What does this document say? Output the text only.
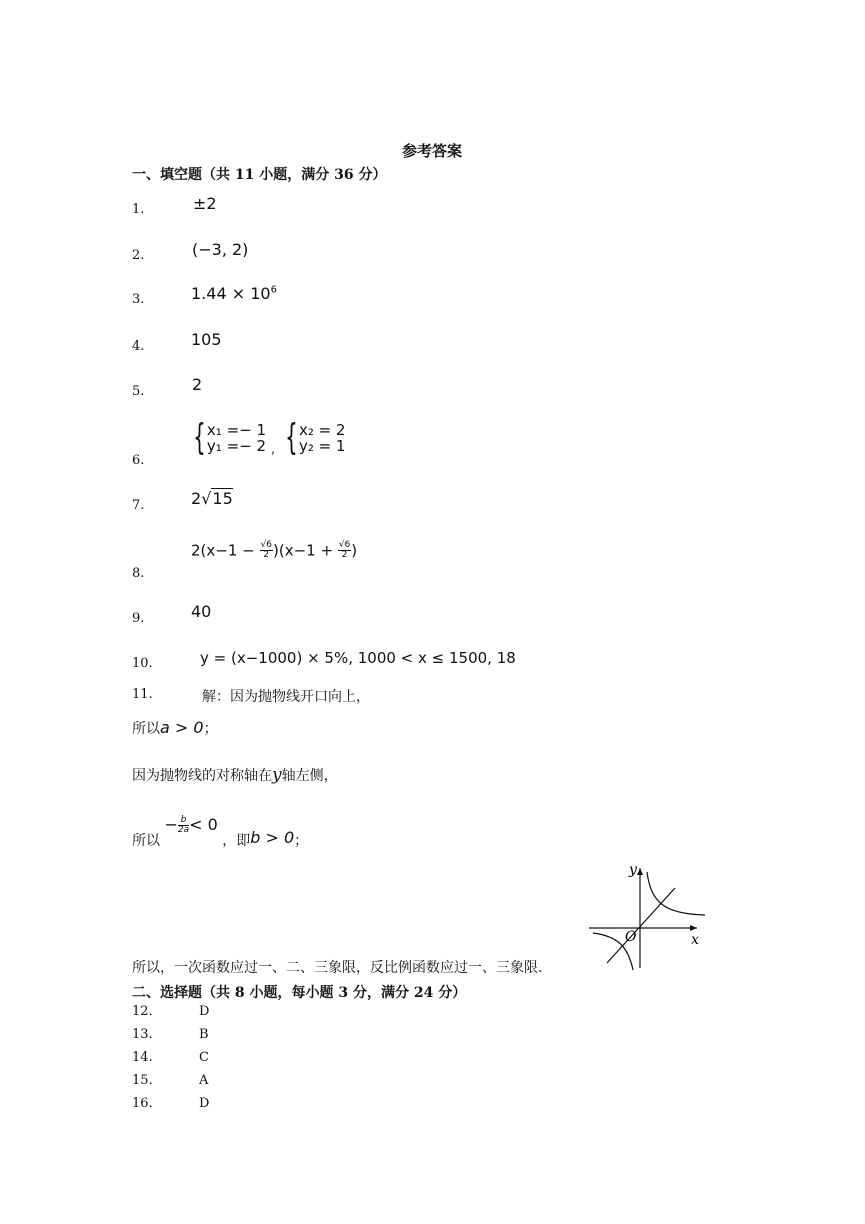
参考答案
一、填空题（共 11 小题，满分 36 分）
1.	±2
2.	(−3, 2)
3.	$1.44 \times 10^6$
4.	105
5.	2
6.
{ x₁ =− 1
y₁ =− 2 , { x₂ = 2
y₂ = 1
7.	2√15
8.
$2(x-1 - \frac{√6}{2} )(x-1 + \frac{√6}{2}$ )
9.	40
10.	y = (x−1000) × 5%, 1000 < x ≤ 1500, 18
11.	解：因为抛物线开口向上，
所以a > 0；
因为抛物线的对称轴在y轴左侧，
所以 − $\frac{b}{2a} < 0$ ，即b > 0；
y
x
O
所以，一次函数应过一、二、三象限，反比例函数应过一、三象限.
二、选择题（共 8 小题，每小题 3 分，满分 24 分）
12.	D
13.	B
14.	C
15.	A
16.	D
